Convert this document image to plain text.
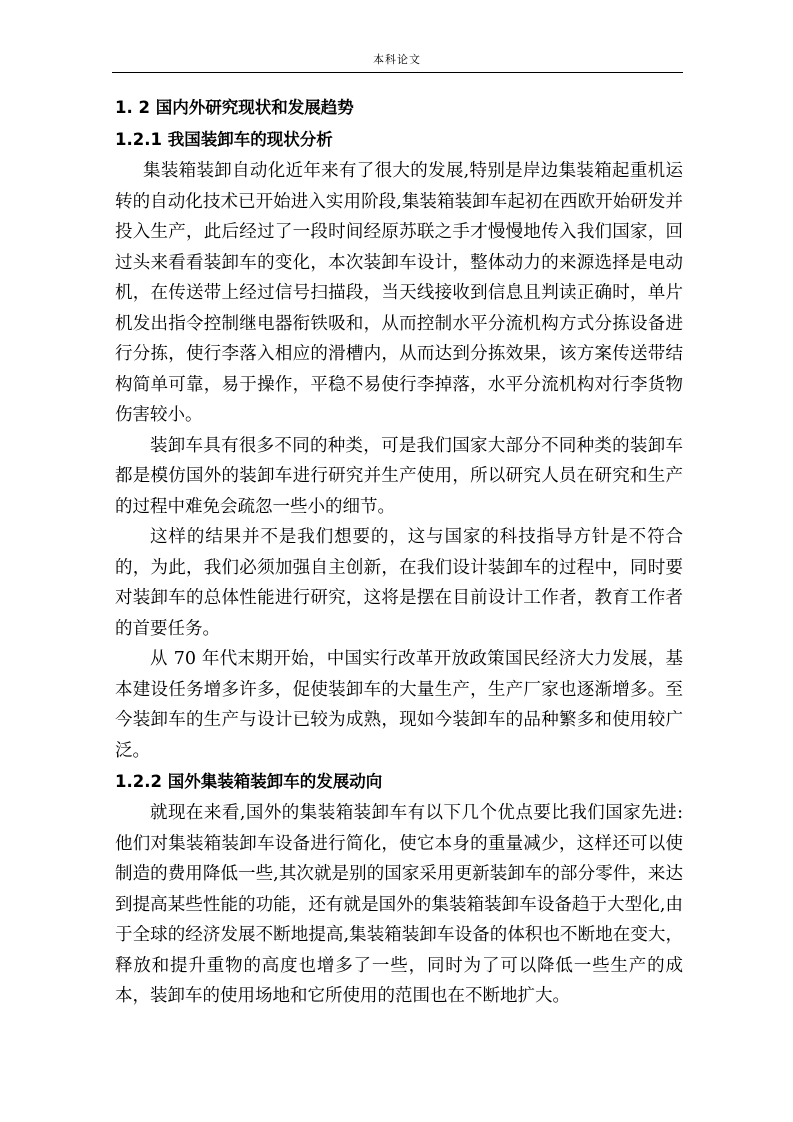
本科论文
1. 2 国内外研究现状和发展趋势
1.2.1 我国装卸车的现状分析

集装箱装卸自动化近年来有了很大的发展,特别是岸边集装箱起重机运转的自动化技术已开始进入实用阶段,集装箱装卸车起初在西欧开始研发并投入生产，此后经过了一段时间经原苏联之手才慢慢地传入我们国家，回过头来看看装卸车的变化，本次装卸车设计，整体动力的来源选择是电动机，在传送带上经过信号扫描段，当天线接收到信息且判读正确时，单片机发出指令控制继电器衔铁吸和，从而控制水平分流机构方式分拣设备进行分拣，使行李落入相应的滑槽内，从而达到分拣效果，该方案传送带结构简单可靠，易于操作，平稳不易使行李掉落，水平分流机构对行李货物伤害较小。

装卸车具有很多不同的种类，可是我们国家大部分不同种类的装卸车都是模仿国外的装卸车进行研究并生产使用，所以研究人员在研究和生产的过程中难免会疏忽一些小的细节。

这样的结果并不是我们想要的，这与国家的科技指导方针是不符合的，为此，我们必须加强自主创新，在我们设计装卸车的过程中，同时要对装卸车的总体性能进行研究，这将是摆在目前设计工作者，教育工作者的首要任务。

从 70 年代末期开始，中国实行改革开放政策国民经济大力发展，基本建设任务增多许多，促使装卸车的大量生产，生产厂家也逐渐增多。至今装卸车的生产与设计已较为成熟，现如今装卸车的品种繁多和使用较广泛。

1.2.2 国外集装箱装卸车的发展动向

就现在来看,国外的集装箱装卸车有以下几个优点要比我们国家先进:他们对集装箱装卸车设备进行简化，使它本身的重量减少，这样还可以使制造的费用降低一些,其次就是别的国家采用更新装卸车的部分零件，来达到提高某些性能的功能，还有就是国外的集装箱装卸车设备趋于大型化,由于全球的经济发展不断地提高,集装箱装卸车设备的体积也不断地在变大，释放和提升重物的高度也增多了一些，同时为了可以降低一些生产的成本，装卸车的使用场地和它所使用的范围也在不断地扩大。
